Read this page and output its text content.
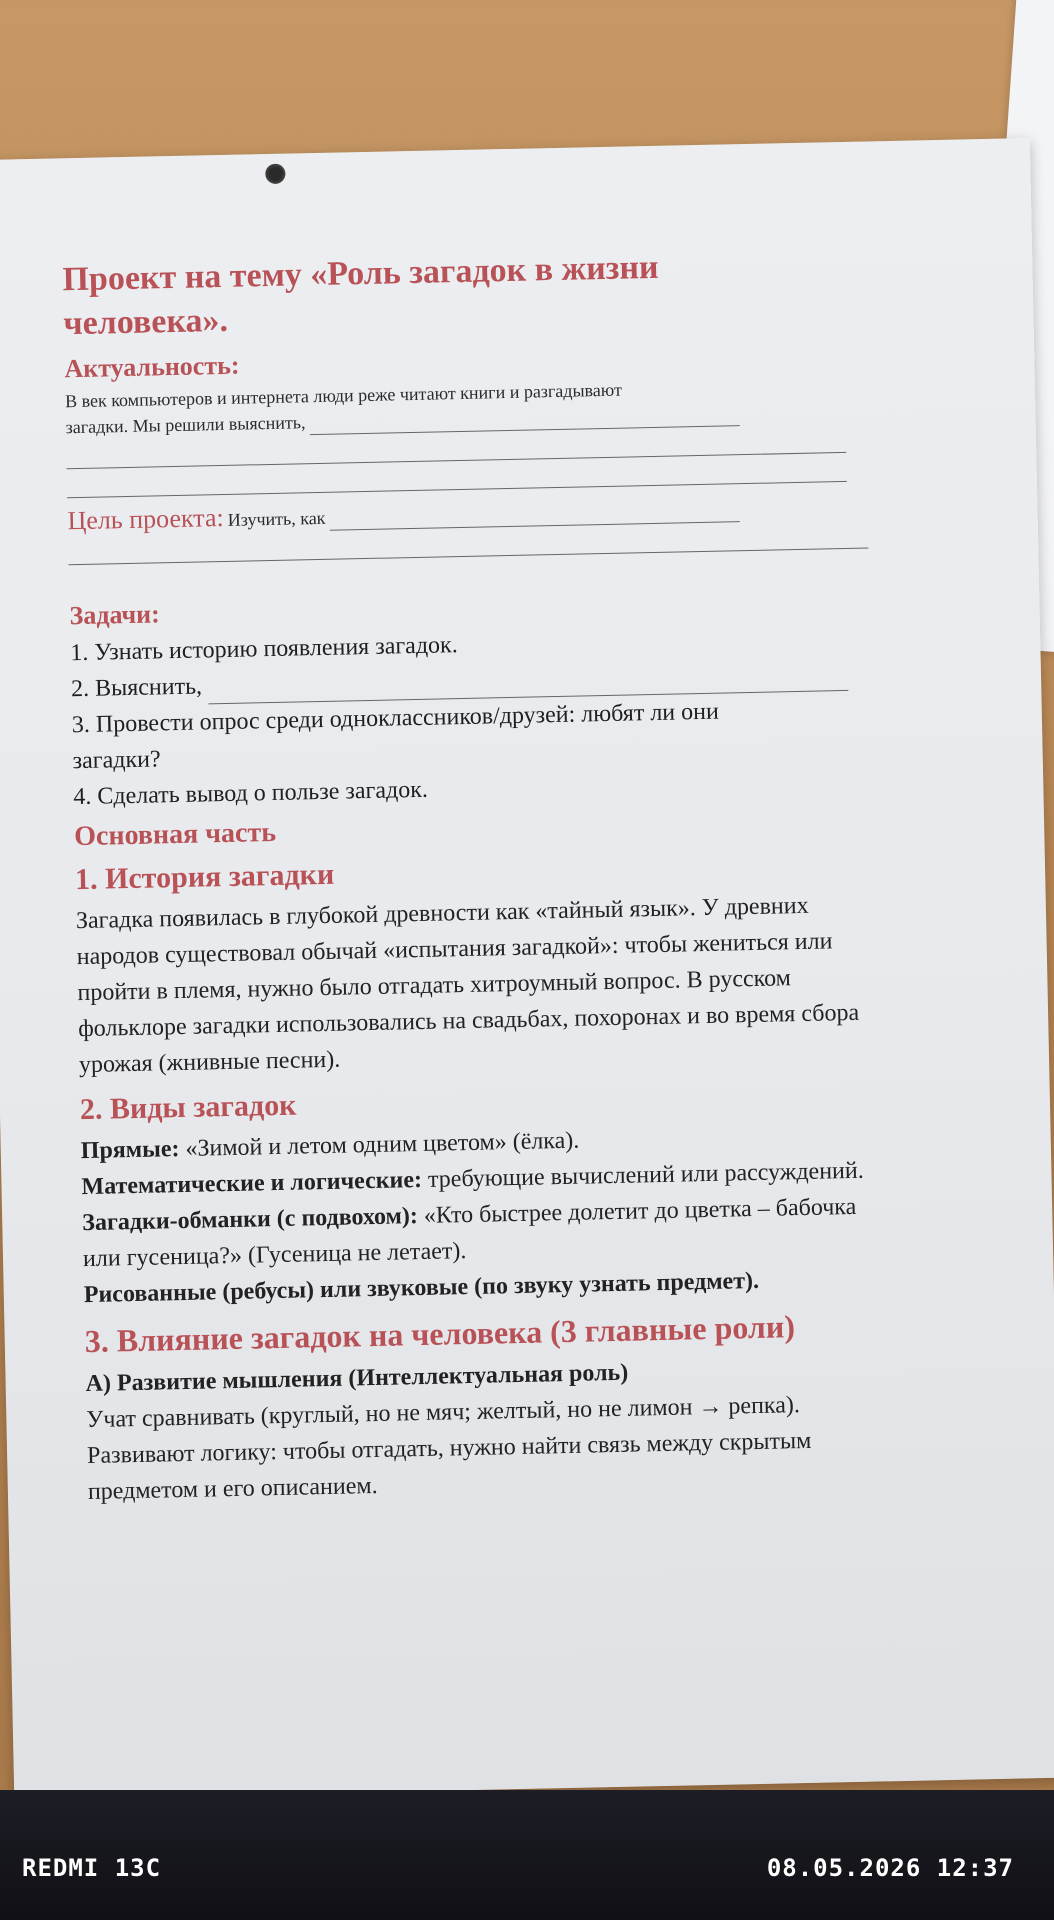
Проект на тему «Роль загадок в жизни

человека».

Актуальность:
В век компьютеров и интернета люди реже читают книги и разгадывают
загадки. Мы решили выяснить,
Цель проекта: Изучить, как
Задачи:

1. Узнать историю появления загадок.

2. Выяснить,

3. Провести опрос среди одноклассников/друзей: любят ли они

загадки?

4. Сделать вывод о пользе загадок.

Основная часть
1. История загадки

Загадка появилась в глубокой древности как «тайный язык». У древних

народов существовал обычай «испытания загадкой»: чтобы жениться или

пройти в племя, нужно было отгадать хитроумный вопрос. В русском

фольклоре загадки использовались на свадьбах, похоронах и во время сбора

урожая (жнивные песни).

2. Виды загадок

Прямые: «Зимой и летом одним цветом» (ёлка).

Математические и логические: требующие вычислений или рассуждений.

Загадки-обманки (с подвохом): «Кто быстрее долетит до цветка – бабочка

или гусеница?» (Гусеница не летает).

Рисованные (ребусы) или звуковые (по звуку узнать предмет).

3. Влияние загадок на человека (3 главные роли)

А) Развитие мышления (Интеллектуальная роль)

Учат сравнивать (круглый, но не мяч; желтый, но не лимон → репка).

Развивают логику: чтобы отгадать, нужно найти связь между скрытым

предметом и его описанием.

REDMI 13C	08.05.2026 12:37
